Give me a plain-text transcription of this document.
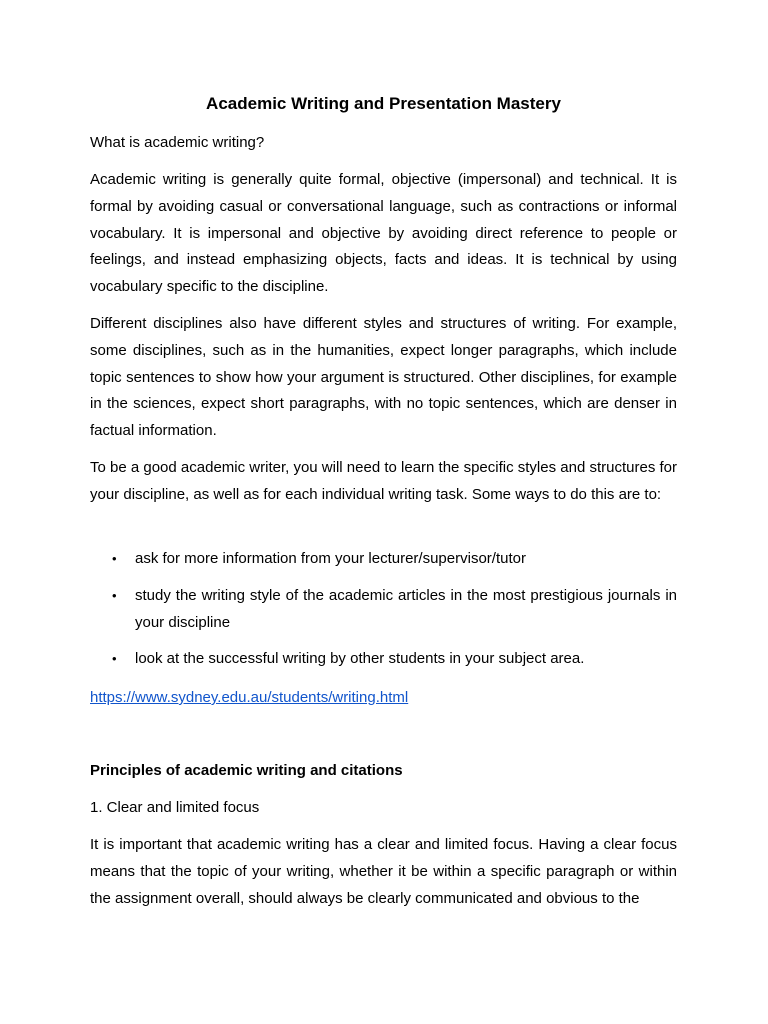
Academic Writing and Presentation Mastery

What is academic writing?

Academic writing is generally quite formal, objective (impersonal) and technical. It is formal by avoiding casual or conversational language, such as contractions or informal vocabulary. It is impersonal and objective by avoiding direct reference to people or feelings, and instead emphasizing objects, facts and ideas. It is technical by using vocabulary specific to the discipline.

Different disciplines also have different styles and structures of writing. For example, some disciplines, such as in the humanities, expect longer paragraphs, which include topic sentences to show how your argument is structured. Other disciplines, for example in the sciences, expect short paragraphs, with no topic sentences, which are denser in factual information.

To be a good academic writer, you will need to learn the specific styles and structures for your discipline, as well as for each individual writing task. Some ways to do this are to:

• ask for more information from your lecturer/supervisor/tutor
• study the writing style of the academic articles in the most prestigious journals in your discipline
• look at the successful writing by other students in your subject area.

https://www.sydney.edu.au/students/writing.html

Principles of academic writing and citations

1. Clear and limited focus

It is important that academic writing has a clear and limited focus. Having a clear focus means that the topic of your writing, whether it be within a specific paragraph or within the assignment overall, should always be clearly communicated and obvious to the
